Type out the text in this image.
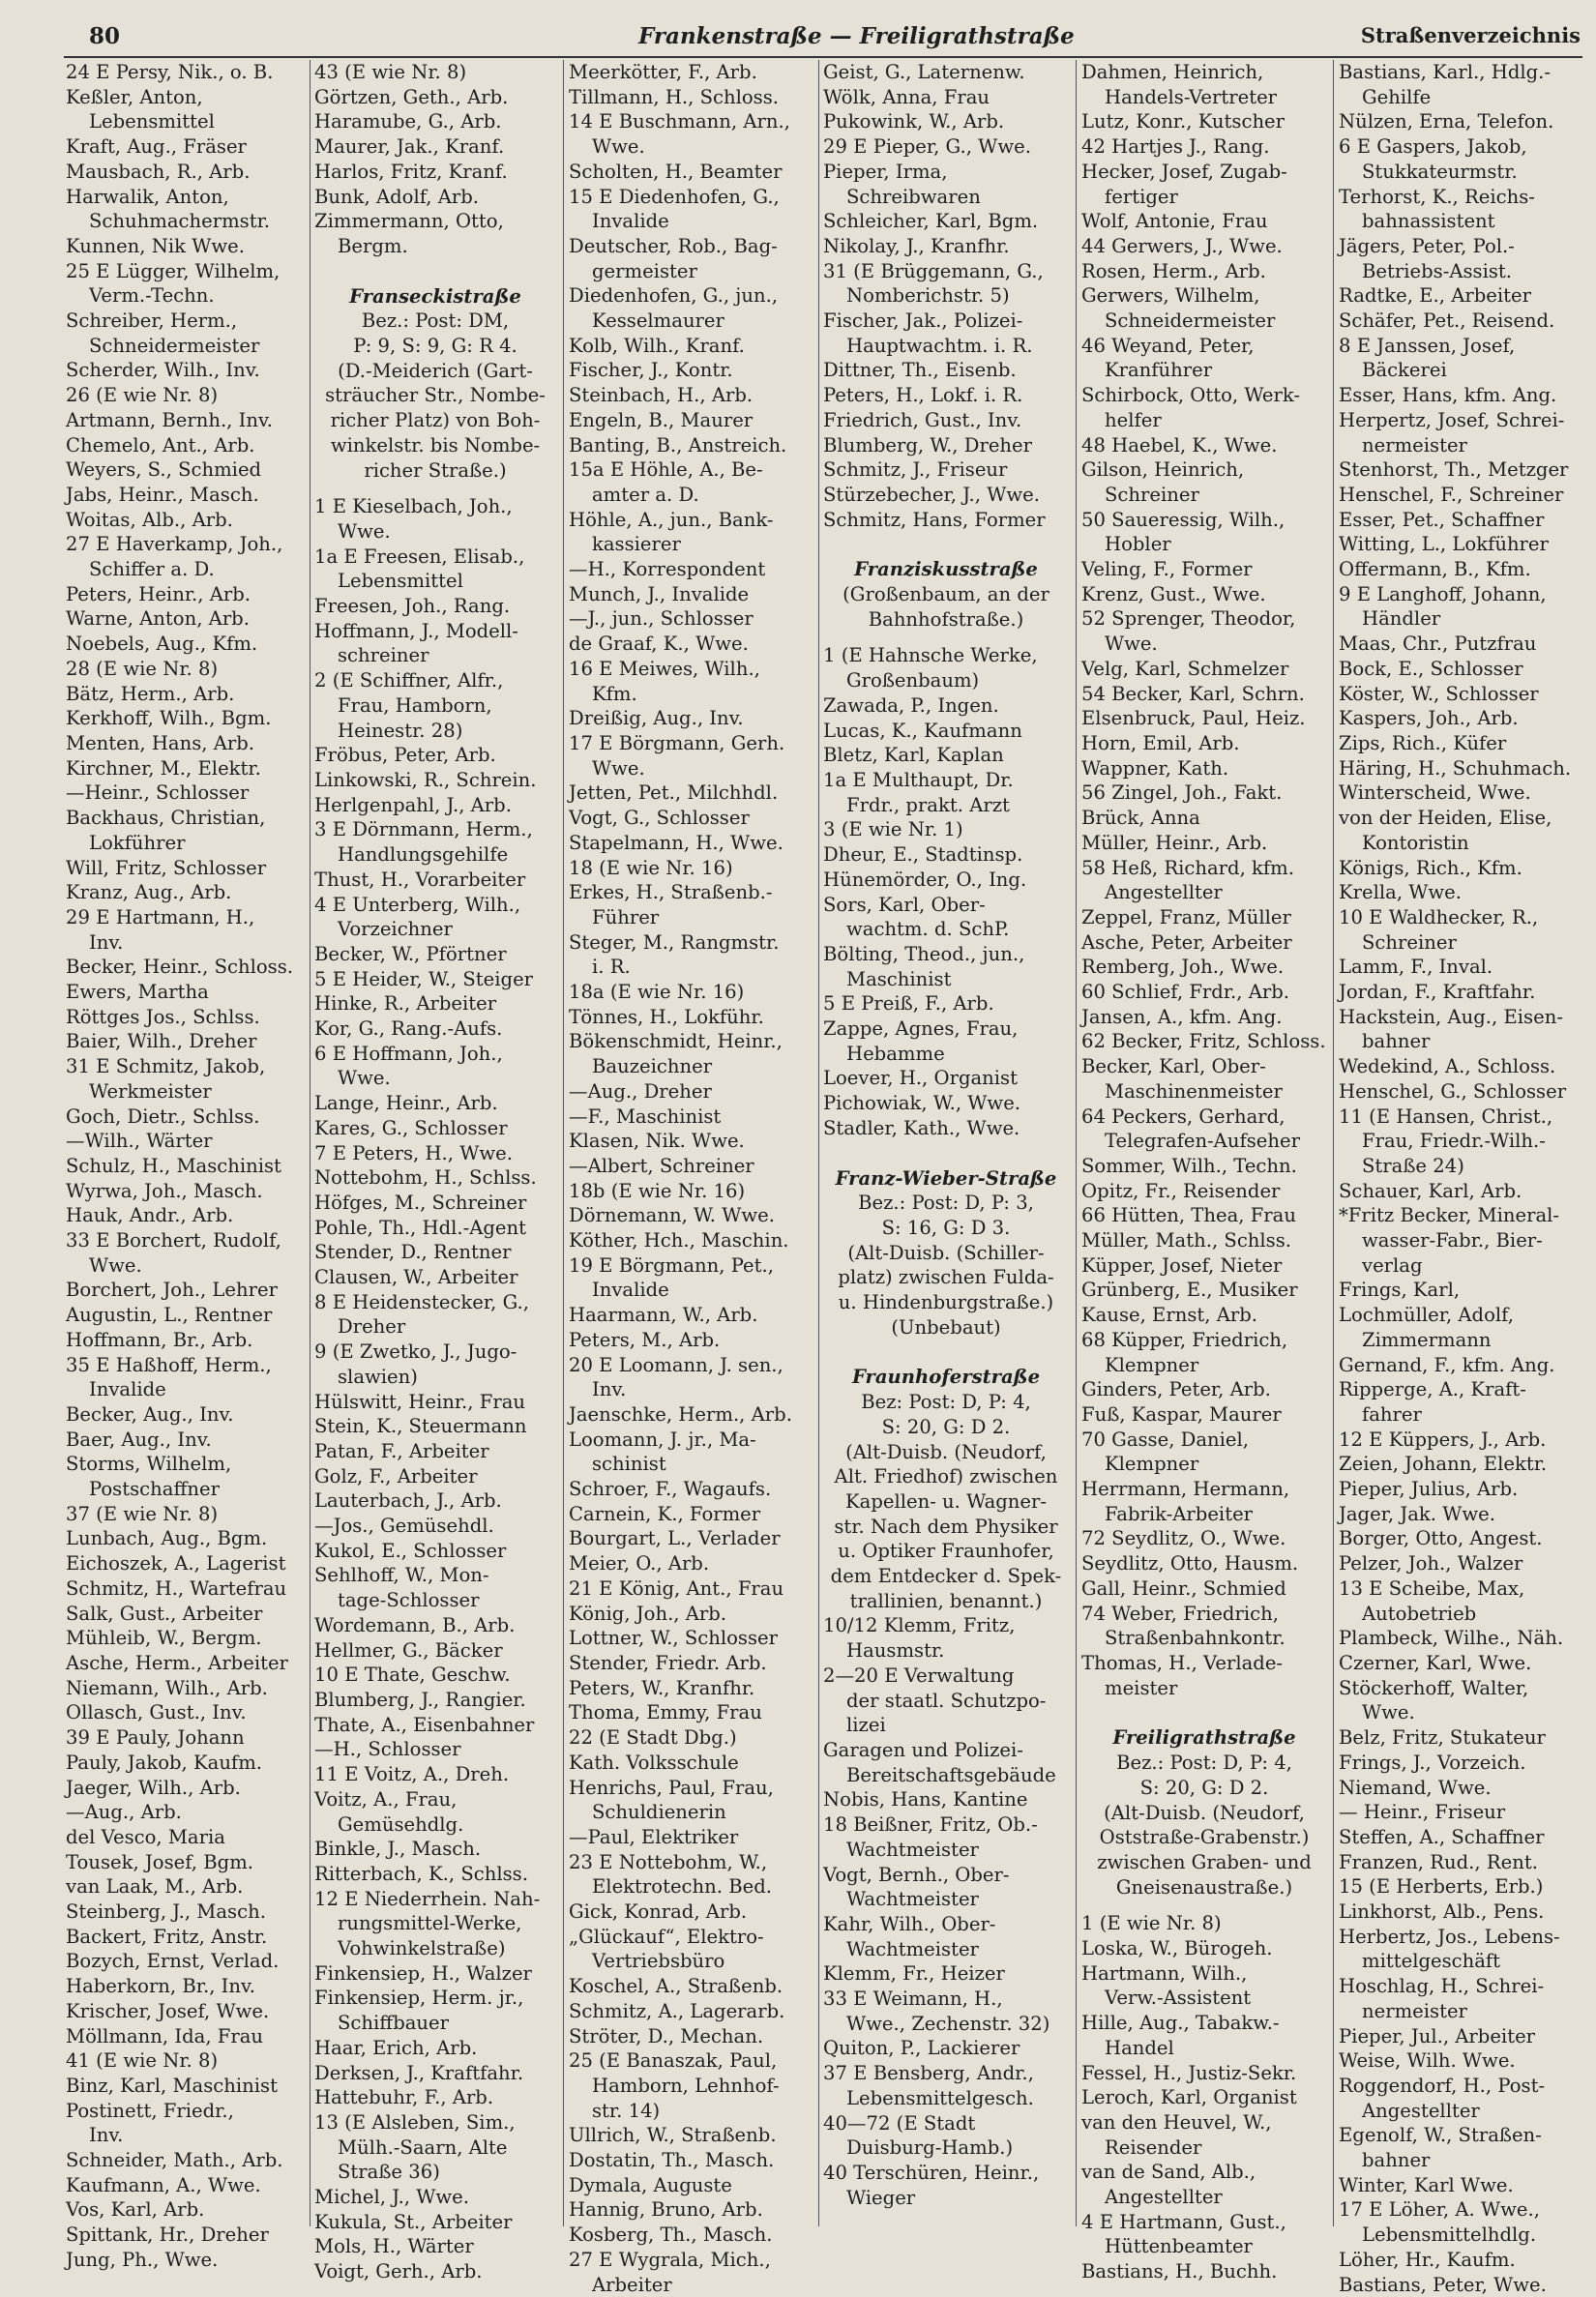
80	Frankenstraße — Freiligrathstraße	Straßenverzeichnis
24 E Persy, Nik., o. B.
Keßler, Anton,
Lebensmittel
Kraft, Aug., Fräser
Mausbach, R., Arb.
Harwalik, Anton,
Schuhmachermstr.
Kunnen, Nik Wwe.
25 E Lügger, Wilhelm,
Verm.-Techn.
Schreiber, Herm.,
Schneidermeister
Scherder, Wilh., Inv.
26 (E wie Nr. 8)
Artmann, Bernh., Inv.
Chemelo, Ant., Arb.
Weyers, S., Schmied
Jabs, Heinr., Masch.
Woitas, Alb., Arb.
27 E Haverkamp, Joh.,
Schiffer a. D.
Peters, Heinr., Arb.
Warne, Anton, Arb.
Noebels, Aug., Kfm.
28 (E wie Nr. 8)
Bätz, Herm., Arb.
Kerkhoff, Wilh., Bgm.
Menten, Hans, Arb.
Kirchner, M., Elektr.
—Heinr., Schlosser
Backhaus, Christian,
Lokführer
Will, Fritz, Schlosser
Kranz, Aug., Arb.
29 E Hartmann, H.,
Inv.
Becker, Heinr., Schloss.
Ewers, Martha
Röttges Jos., Schlss.
Baier, Wilh., Dreher
31 E Schmitz, Jakob,
Werkmeister
Goch, Dietr., Schlss.
—Wilh., Wärter
Schulz, H., Maschinist
Wyrwa, Joh., Masch.
Hauk, Andr., Arb.
33 E Borchert, Rudolf,
Wwe.
Borchert, Joh., Lehrer
Augustin, L., Rentner
Hoffmann, Br., Arb.
35 E Haßhoff, Herm.,
Invalide
Becker, Aug., Inv.
Baer, Aug., Inv.
Storms, Wilhelm,
Postschaffner
37 (E wie Nr. 8)
Lunbach, Aug., Bgm.
Eichoszek, A., Lagerist
Schmitz, H., Wartefrau
Salk, Gust., Arbeiter
Mühleib, W., Bergm.
Asche, Herm., Arbeiter
Niemann, Wilh., Arb.
Ollasch, Gust., Inv.
39 E Pauly, Johann
Pauly, Jakob, Kaufm.
Jaeger, Wilh., Arb.
—Aug., Arb.
del Vesco, Maria
Tousek, Josef, Bgm.
van Laak, M., Arb.
Steinberg, J., Masch.
Backert, Fritz, Anstr.
Bozych, Ernst, Verlad.
Haberkorn, Br., Inv.
Krischer, Josef, Wwe.
Möllmann, Ida, Frau
41 (E wie Nr. 8)
Binz, Karl, Maschinist
Postinett, Friedr.,
Inv.
Schneider, Math., Arb.
Kaufmann, A., Wwe.
Vos, Karl, Arb.
Spittank, Hr., Dreher
Jung, Ph., Wwe.
43 (E wie Nr. 8)
Görtzen, Geth., Arb.
Haramube, G., Arb.
Maurer, Jak., Kranf.
Harlos, Fritz, Kranf.
Bunk, Adolf, Arb.
Zimmermann, Otto,
Bergm.
Franseckistraße
Bez.: Post: DM,
P: 9, S: 9, G: R 4.
(D.-Meiderich (Gart-
sträucher Str., Nombe-
richer Platz) von Boh-
winkelstr. bis Nombe-
richer Straße.)
1 E Kieselbach, Joh.,
Wwe.
1a E Freesen, Elisab.,
Lebensmittel
Freesen, Joh., Rang.
Hoffmann, J., Modell-
schreiner
2 (E Schiffner, Alfr.,
Frau, Hamborn,
Heinestr. 28)
Fröbus, Peter, Arb.
Linkowski, R., Schrein.
Herlgenpahl, J., Arb.
3 E Dörnmann, Herm.,
Handlungsgehilfe
Thust, H., Vorarbeiter
4 E Unterberg, Wilh.,
Vorzeichner
Becker, W., Pförtner
5 E Heider, W., Steiger
Hinke, R., Arbeiter
Kor, G., Rang.-Aufs.
6 E Hoffmann, Joh.,
Wwe.
Lange, Heinr., Arb.
Kares, G., Schlosser
7 E Peters, H., Wwe.
Nottebohm, H., Schlss.
Höfges, M., Schreiner
Pohle, Th., Hdl.-Agent
Stender, D., Rentner
Clausen, W., Arbeiter
8 E Heidenstecker, G.,
Dreher
9 (E Zwetko, J., Jugo-
slawien)
Hülswitt, Heinr., Frau
Stein, K., Steuermann
Patan, F., Arbeiter
Golz, F., Arbeiter
Lauterbach, J., Arb.
—Jos., Gemüsehdl.
Kukol, E., Schlosser
Sehlhoff, W., Mon-
tage-Schlosser
Wordemann, B., Arb.
Hellmer, G., Bäcker
10 E Thate, Geschw.
Blumberg, J., Rangier.
Thate, A., Eisenbahner
—H., Schlosser
11 E Voitz, A., Dreh.
Voitz, A., Frau,
Gemüsehdlg.
Binkle, J., Masch.
Ritterbach, K., Schlss.
12 E Niederrhein. Nah-
rungsmittel-Werke,
Vohwinkelstraße)
Finkensiep, H., Walzer
Finkensiep, Herm. jr.,
Schiffbauer
Haar, Erich, Arb.
Derksen, J., Kraftfahr.
Hattebuhr, F., Arb.
13 (E Alsleben, Sim.,
Mülh.-Saarn, Alte
Straße 36)
Michel, J., Wwe.
Kukula, St., Arbeiter
Mols, H., Wärter
Voigt, Gerh., Arb.
Meerkötter, F., Arb.
Tillmann, H., Schloss.
14 E Buschmann, Arn.,
Wwe.
Scholten, H., Beamter
15 E Diedenhofen, G.,
Invalide
Deutscher, Rob., Bag-
germeister
Diedenhofen, G., jun.,
Kesselmaurer
Kolb, Wilh., Kranf.
Fischer, J., Kontr.
Steinbach, H., Arb.
Engeln, B., Maurer
Banting, B., Anstreich.
15a E Höhle, A., Be-
amter a. D.
Höhle, A., jun., Bank-
kassierer
—H., Korrespondent
Munch, J., Invalide
—J., jun., Schlosser
de Graaf, K., Wwe.
16 E Meiwes, Wilh.,
Kfm.
Dreißig, Aug., Inv.
17 E Börgmann, Gerh.
Wwe.
Jetten, Pet., Milchhdl.
Vogt, G., Schlosser
Stapelmann, H., Wwe.
18 (E wie Nr. 16)
Erkes, H., Straßenb.-
Führer
Steger, M., Rangmstr.
i. R.
18a (E wie Nr. 16)
Tönnes, H., Lokführ.
Bökenschmidt, Heinr.,
Bauzeichner
—Aug., Dreher
—F., Maschinist
Klasen, Nik. Wwe.
—Albert, Schreiner
18b (E wie Nr. 16)
Dörnemann, W. Wwe.
Köther, Hch., Maschin.
19 E Börgmann, Pet.,
Invalide
Haarmann, W., Arb.
Peters, M., Arb.
20 E Loomann, J. sen.,
Inv.
Jaenschke, Herm., Arb.
Loomann, J. jr., Ma-
schinist
Schroer, F., Wagaufs.
Carnein, K., Former
Bourgart, L., Verlader
Meier, O., Arb.
21 E König, Ant., Frau
König, Joh., Arb.
Lottner, W., Schlosser
Stender, Friedr. Arb.
Peters, W., Kranfhr.
Thoma, Emmy, Frau
22 (E Stadt Dbg.)
Kath. Volksschule
Henrichs, Paul, Frau,
Schuldienerin
—Paul, Elektriker
23 E Nottebohm, W.,
Elektrotechn. Bed.
Gick, Konrad, Arb.
„Glückauf“, Elektro-
Vertriebsbüro
Koschel, A., Straßenb.
Schmitz, A., Lagerarb.
Ströter, D., Mechan.
25 (E Banaszak, Paul,
Hamborn, Lehnhof-
str. 14)
Ullrich, W., Straßenb.
Dostatin, Th., Masch.
Dymala, Auguste
Hannig, Bruno, Arb.
Kosberg, Th., Masch.
27 E Wygrala, Mich.,
Arbeiter
Geist, G., Laternenw.
Wölk, Anna, Frau
Pukowink, W., Arb.
29 E Pieper, G., Wwe.
Pieper, Irma,
Schreibwaren
Schleicher, Karl, Bgm.
Nikolay, J., Kranfhr.
31 (E Brüggemann, G.,
Nomberichstr. 5)
Fischer, Jak., Polizei-
Hauptwachtm. i. R.
Dittner, Th., Eisenb.
Peters, H., Lokf. i. R.
Friedrich, Gust., Inv.
Blumberg, W., Dreher
Schmitz, J., Friseur
Stürzebecher, J., Wwe.
Schmitz, Hans, Former
Franziskusstraße
(Großenbaum, an der
Bahnhofstraße.)
1 (E Hahnsche Werke,
Großenbaum)
Zawada, P., Ingen.
Lucas, K., Kaufmann
Bletz, Karl, Kaplan
1a E Multhaupt, Dr.
Frdr., prakt. Arzt
3 (E wie Nr. 1)
Dheur, E., Stadtinsp.
Hünemörder, O., Ing.
Sors, Karl, Ober-
wachtm. d. SchP.
Bölting, Theod., jun.,
Maschinist
5 E Preiß, F., Arb.
Zappe, Agnes, Frau,
Hebamme
Loever, H., Organist
Pichowiak, W., Wwe.
Stadler, Kath., Wwe.
Franz-Wieber-Straße
Bez.: Post: D, P: 3,
S: 16, G: D 3.
(Alt-Duisb. (Schiller-
platz) zwischen Fulda-
u. Hindenburgstraße.)
(Unbebaut)
Fraunhoferstraße
Bez: Post: D, P: 4,
S: 20, G: D 2.
(Alt-Duisb. (Neudorf,
Alt. Friedhof) zwischen
Kapellen- u. Wagner-
str. Nach dem Physiker
u. Optiker Fraunhofer,
dem Entdecker d. Spek-
trallinien, benannt.)
10/12 Klemm, Fritz,
Hausmstr.
2—20 E Verwaltung
der staatl. Schutzpo-
lizei
Garagen und Polizei-
Bereitschaftsgebäude
Nobis, Hans, Kantine
18 Beißner, Fritz, Ob.-
Wachtmeister
Vogt, Bernh., Ober-
Wachtmeister
Kahr, Wilh., Ober-
Wachtmeister
Klemm, Fr., Heizer
33 E Weimann, H.,
Wwe., Zechenstr. 32)
Quiton, P., Lackierer
37 E Bensberg, Andr.,
Lebensmittelgesch.
40—72 (E Stadt
Duisburg-Hamb.)
40 Terschüren, Heinr.,
Wieger
Dahmen, Heinrich,
Handels-Vertreter
Lutz, Konr., Kutscher
42 Hartjes J., Rang.
Hecker, Josef, Zugab-
fertiger
Wolf, Antonie, Frau
44 Gerwers, J., Wwe.
Rosen, Herm., Arb.
Gerwers, Wilhelm,
Schneidermeister
46 Weyand, Peter,
Kranführer
Schirbock, Otto, Werk-
helfer
48 Haebel, K., Wwe.
Gilson, Heinrich,
Schreiner
50 Saueressig, Wilh.,
Hobler
Veling, F., Former
Krenz, Gust., Wwe.
52 Sprenger, Theodor,
Wwe.
Velg, Karl, Schmelzer
54 Becker, Karl, Schrn.
Elsenbruck, Paul, Heiz.
Horn, Emil, Arb.
Wappner, Kath.
56 Zingel, Joh., Fakt.
Brück, Anna
Müller, Heinr., Arb.
58 Heß, Richard, kfm.
Angestellter
Zeppel, Franz, Müller
Asche, Peter, Arbeiter
Remberg, Joh., Wwe.
60 Schlief, Frdr., Arb.
Jansen, A., kfm. Ang.
62 Becker, Fritz, Schloss.
Becker, Karl, Ober-
Maschinenmeister
64 Peckers, Gerhard,
Telegrafen-Aufseher
Sommer, Wilh., Techn.
Opitz, Fr., Reisender
66 Hütten, Thea, Frau
Müller, Math., Schlss.
Küpper, Josef, Nieter
Grünberg, E., Musiker
Kause, Ernst, Arb.
68 Küpper, Friedrich,
Klempner
Ginders, Peter, Arb.
Fuß, Kaspar, Maurer
70 Gasse, Daniel,
Klempner
Herrmann, Hermann,
Fabrik-Arbeiter
72 Seydlitz, O., Wwe.
Seydlitz, Otto, Hausm.
Gall, Heinr., Schmied
74 Weber, Friedrich,
Straßenbahnkontr.
Thomas, H., Verlade-
meister
Freiligrathstraße
Bez.: Post: D, P: 4,
S: 20, G: D 2.
(Alt-Duisb. (Neudorf,
Oststraße-Grabenstr.)
zwischen Graben- und
Gneisenaustraße.)
1 (E wie Nr. 8)
Loska, W., Bürogeh.
Hartmann, Wilh.,
Verw.-Assistent
Hille, Aug., Tabakw.-
Handel
Fessel, H., Justiz-Sekr.
Leroch, Karl, Organist
van den Heuvel, W.,
Reisender
van de Sand, Alb.,
Angestellter
4 E Hartmann, Gust.,
Hüttenbeamter
Bastians, H., Buchh.
Bastians, Karl., Hdlg.-
Gehilfe
Nülzen, Erna, Telefon.
6 E Gaspers, Jakob,
Stukkateurmstr.
Terhorst, K., Reichs-
bahnassistent
Jägers, Peter, Pol.-
Betriebs-Assist.
Radtke, E., Arbeiter
Schäfer, Pet., Reisend.
8 E Janssen, Josef,
Bäckerei
Esser, Hans, kfm. Ang.
Herpertz, Josef, Schrei-
nermeister
Stenhorst, Th., Metzger
Henschel, F., Schreiner
Esser, Pet., Schaffner
Witting, L., Lokführer
Offermann, B., Kfm.
9 E Langhoff, Johann,
Händler
Maas, Chr., Putzfrau
Bock, E., Schlosser
Köster, W., Schlosser
Kaspers, Joh., Arb.
Zips, Rich., Küfer
Häring, H., Schuhmach.
Winterscheid, Wwe.
von der Heiden, Elise,
Kontoristin
Königs, Rich., Kfm.
Krella, Wwe.
10 E Waldhecker, R.,
Schreiner
Lamm, F., Inval.
Jordan, F., Kraftfahr.
Hackstein, Aug., Eisen-
bahner
Wedekind, A., Schloss.
Henschel, G., Schlosser
11 (E Hansen, Christ.,
Frau, Friedr.-Wilh.-
Straße 24)
Schauer, Karl, Arb.
*Fritz Becker, Mineral-
wasser-Fabr., Bier-
verlag
Frings, Karl,
Lochmüller, Adolf,
Zimmermann
Gernand, F., kfm. Ang.
Ripperge, A., Kraft-
fahrer
12 E Küppers, J., Arb.
Zeien, Johann, Elektr.
Pieper, Julius, Arb.
Jager, Jak. Wwe.
Borger, Otto, Angest.
Pelzer, Joh., Walzer
13 E Scheibe, Max,
Autobetrieb
Plambeck, Wilhe., Näh.
Czerner, Karl, Wwe.
Stöckerhoff, Walter,
Wwe.
Belz, Fritz, Stukateur
Frings, J., Vorzeich.
Niemand, Wwe.
— Heinr., Friseur
Steffen, A., Schaffner
Franzen, Rud., Rent.
15 (E Herberts, Erb.)
Linkhorst, Alb., Pens.
Herbertz, Jos., Lebens-
mittelgeschäft
Hoschlag, H., Schrei-
nermeister
Pieper, Jul., Arbeiter
Weise, Wilh. Wwe.
Roggendorf, H., Post-
Angestellter
Egenolf, W., Straßen-
bahner
Winter, Karl Wwe.
17 E Löher, A. Wwe.,
Lebensmittelhdlg.
Löher, Hr., Kaufm.
Bastians, Peter, Wwe.
